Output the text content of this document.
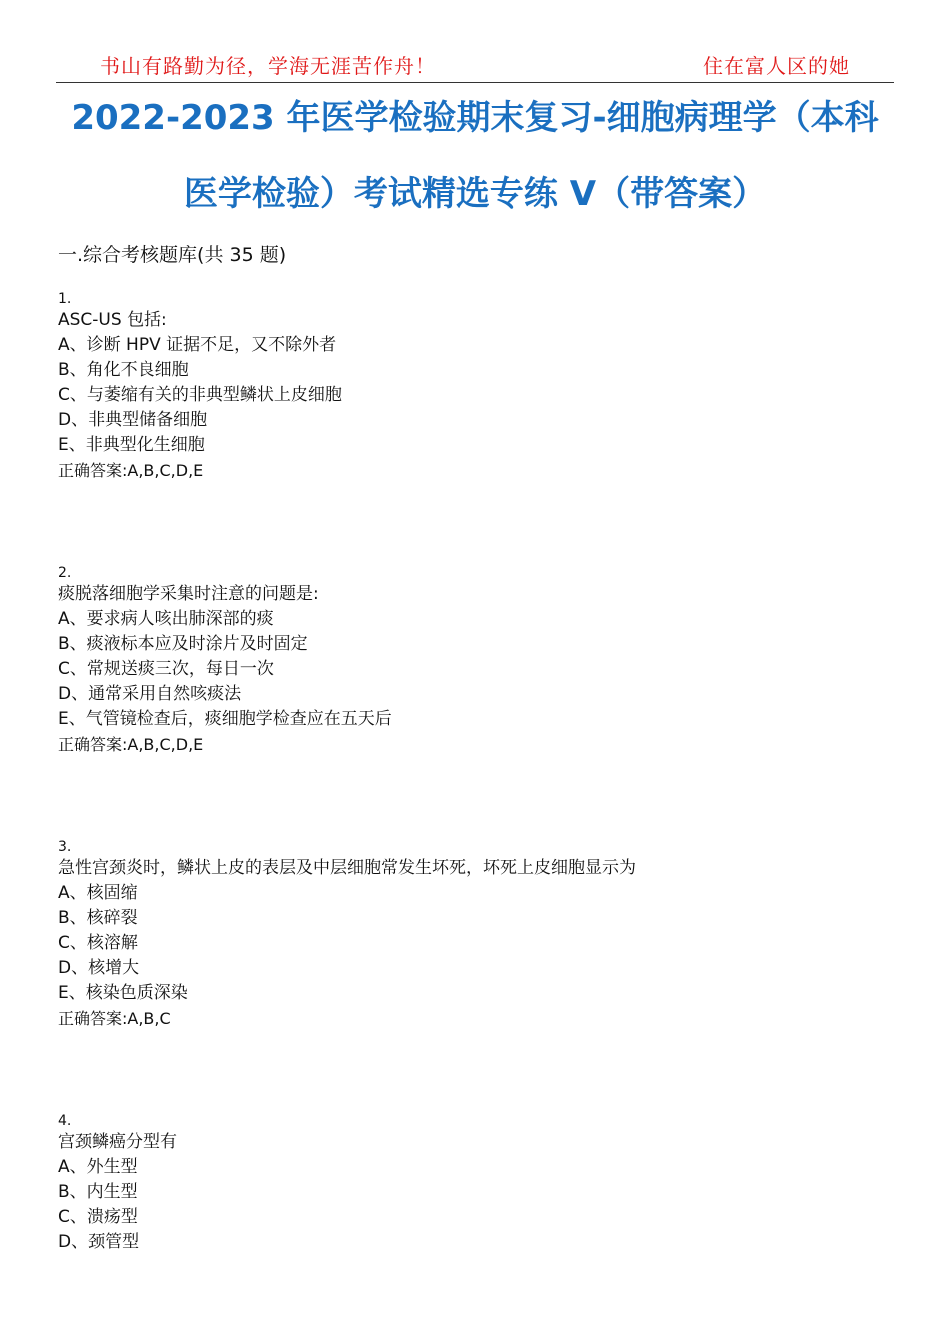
书山有路勤为径，学海无涯苦作舟！	住在富人区的她
2022-2023 年医学检验期末复习-细胞病理学（本科
医学检验）考试精选专练 V（带答案）
一.综合考核题库(共 35 题)
1.
ASC-US 包括:
A、诊断 HPV 证据不足，又不除外者
B、角化不良细胞
C、与萎缩有关的非典型鳞状上皮细胞
D、非典型储备细胞
E、非典型化生细胞
正确答案:A,B,C,D,E
2.
痰脱落细胞学采集时注意的问题是:
A、要求病人咳出肺深部的痰
B、痰液标本应及时涂片及时固定
C、常规送痰三次，每日一次
D、通常采用自然咳痰法
E、气管镜检查后，痰细胞学检查应在五天后
正确答案:A,B,C,D,E
3.
急性宫颈炎时，鳞状上皮的表层及中层细胞常发生坏死，坏死上皮细胞显示为
A、核固缩
B、核碎裂
C、核溶解
D、核增大
E、核染色质深染
正确答案:A,B,C
4.
宫颈鳞癌分型有
A、外生型
B、内生型
C、溃疡型
D、颈管型
